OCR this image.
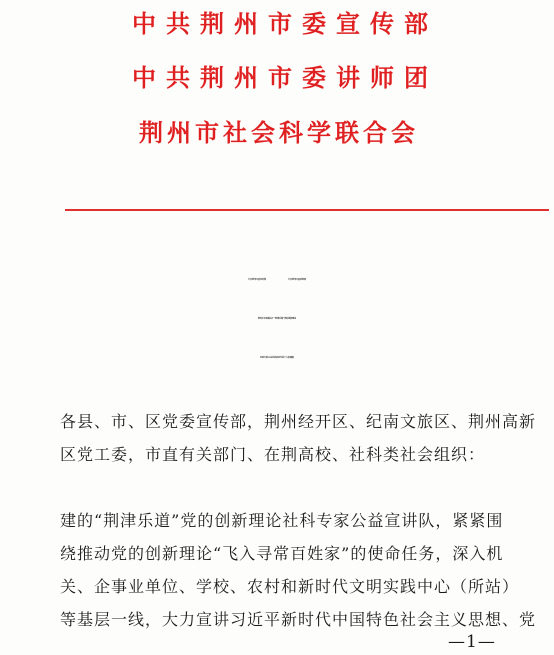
中共荆州市委宣传部
中共荆州市委讲师团
荆州市社会科学联合会
中共荆州市委宣传部	中共荆州市委讲师团
荆州市社科联关于“荆津乐道”党的创新理论
社科专家公益宣讲活动先进个人的通报
各县、市、区党委宣传部，荆州经开区、纪南文旅区、荆州高新
区党工委，市直有关部门、在荆高校、社科类社会组织：
建的“荆津乐道”党的创新理论社科专家公益宣讲队，紧紧围
绕推动党的创新理论“飞入寻常百姓家”的使命任务，深入机
关、企事业单位、学校、农村和新时代文明实践中心（所站）
等基层一线，大力宣讲习近平新时代中国特色社会主义思想、党
—1—
